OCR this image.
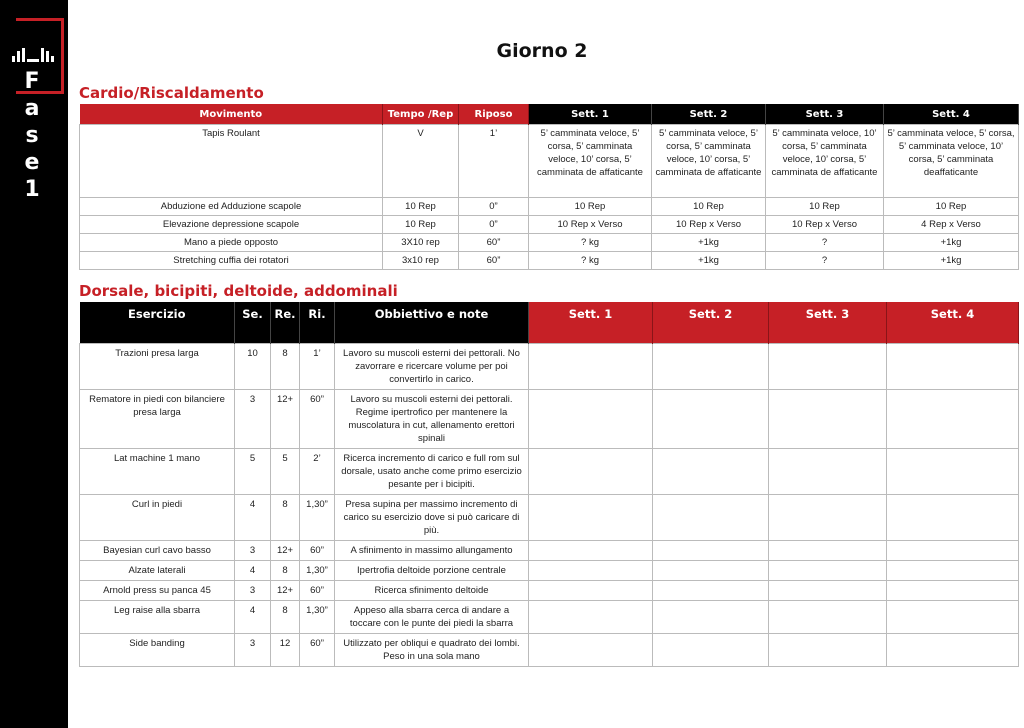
F
a
s
e
1
Giorno 2
Cardio/Riscaldamento
Movimento	Tempo /Rep	Riposo	Sett. 1	Sett. 2	Sett. 3	Sett. 4
Tapis Roulant	V	1’	5’ camminata veloce, 5’ corsa, 5’ camminata veloce, 10’ corsa, 5’ camminata de affaticante	5’ camminata veloce, 5’ corsa, 5’ camminata veloce, 10’ corsa, 5’ camminata de affaticante	5’ camminata veloce, 10’ corsa, 5’ camminata veloce, 10’ corsa, 5’ camminata de affaticante	5’ camminata veloce, 5’ corsa, 5’ camminata veloce, 10’ corsa, 5’ camminata deaffaticante
Abduzione ed Adduzione scapole	10 Rep	0”	10 Rep	10 Rep	10 Rep	10 Rep
Elevazione depressione scapole	10 Rep	0”	10 Rep x Verso	10 Rep x Verso	10 Rep x Verso	4 Rep x Verso
Mano a piede opposto	3X10 rep	60”	? kg	+1kg	?	+1kg
Stretching cuffia dei rotatori	3x10 rep	60”	? kg	+1kg	?	+1kg
Dorsale, bicipiti, deltoide, addominali
Esercizio	Se.	Re.	Ri.	Obbiettivo e note	Sett. 1	Sett. 2	Sett. 3	Sett. 4
Trazioni presa larga	10	8	1’	Lavoro su muscoli esterni dei pettorali. No zavorrare e ricercare volume per poi convertirlo in carico.				
Rematore in piedi con bilanciere presa larga	3	12+	60”	Lavoro su muscoli esterni dei pettorali. Regime ipertrofico per mantenere la muscolatura in cut, allenamento erettori spinali				
Lat machine 1 mano	5	5	2’	Ricerca incremento di carico e full rom sul dorsale, usato anche come primo esercizio pesante per i bicipiti.				
Curl in piedi	4	8	1,30”	Presa supina per massimo incremento di carico su esercizio dove si può caricare di più.				
Bayesian curl cavo basso	3	12+	60”	A sfinimento in massimo allungamento				
Alzate laterali	4	8	1,30”	Ipertrofia deltoide porzione centrale				
Arnold press su panca 45	3	12+	60”	Ricerca sfinimento deltoide				
Leg raise alla sbarra	4	8	1,30”	Appeso alla sbarra cerca di andare a toccare con le punte dei piedi la sbarra				
Side banding	3	12	60”	Utilizzato per obliqui e quadrato dei lombi. Peso in una sola mano				
